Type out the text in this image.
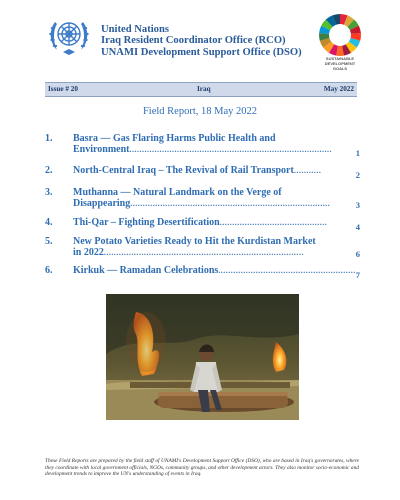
United Nations
Iraq Resident Coordinator Office (RCO)
UNAMI Development Support Office (DSO)
SUSTAINABLE
DEVELOPMENT
GOALS
Issue # 20	Iraq	May 2022
Field Report, 18 May 2022
1.	Basra — Gas Flaring Harms Public Health and
Environment.................................................................................	1
2.	North-Central Iraq – The Revival of Rail Transport...........	2
3.	Muthanna — Natural Landmark on the Verge of
Disappearing................................................................................	3
4.	Thi-Qar – Fighting Desertification...........................................	4
5.	New Potato Varieties Ready to Hit the Kurdistan Market
in 2022................................................................................	6
6.	Kirkuk — Ramadan Celebrations....................................................... 7
These Field Reports are prepared by the field staff of UNAMI's Development Support Office (DSO), who are based in Iraq's governorates, where they coordinate with local government officials, NGOs, community groups, and other development actors. They also monitor socio-economic and development trends to improve the UN's understanding of events in Iraq.
